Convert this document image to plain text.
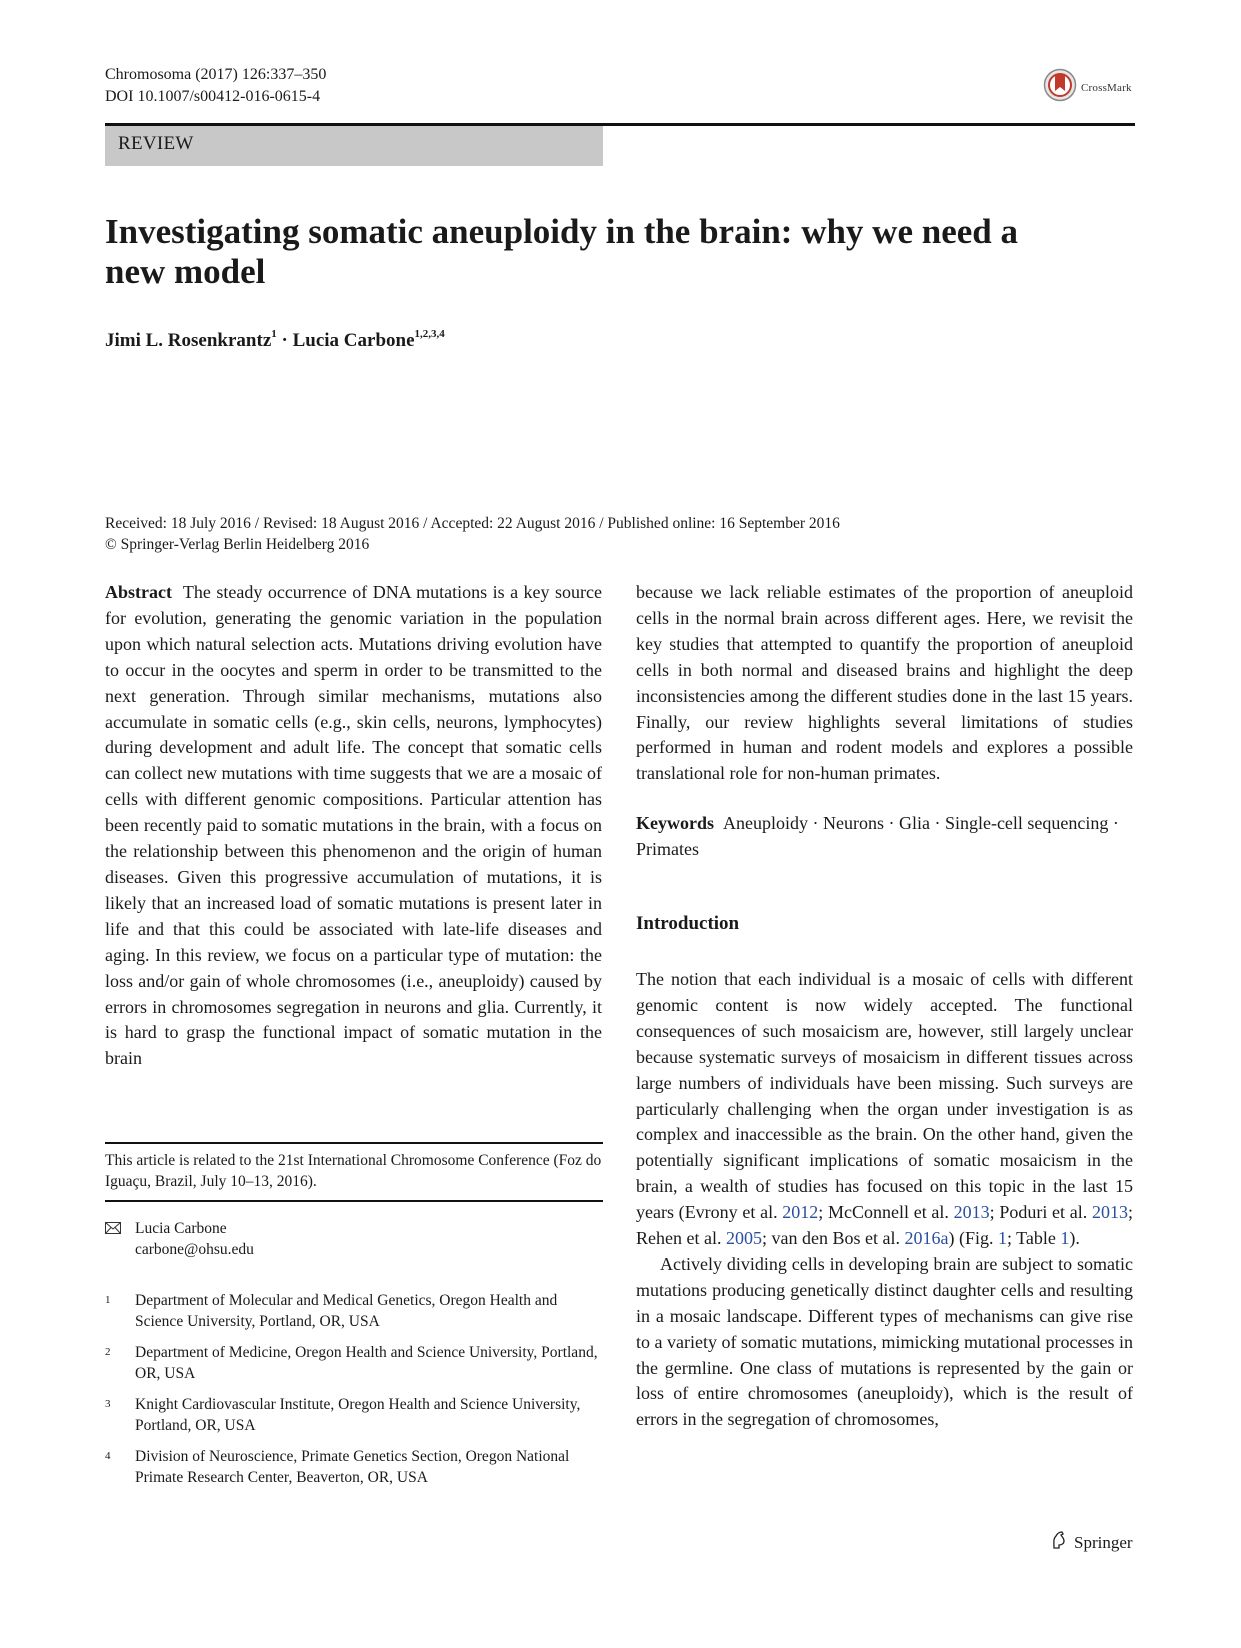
Chromosoma (2017) 126:337–350
DOI 10.1007/s00412-016-0615-4
CrossMark
REVIEW
Investigating somatic aneuploidy in the brain: why we need a new model
Jimi L. Rosenkrantz$^1$ · Lucia Carbone$^{1,2,3,4}$
Received: 18 July 2016 / Revised: 18 August 2016 / Accepted: 22 August 2016 / Published online: 16 September 2016
© Springer-Verlag Berlin Heidelberg 2016

Abstract The steady occurrence of DNA mutations is a key source for evolution, generating the genomic variation in the population upon which natural selection acts. Mutations driving evolution have to occur in the oocytes and sperm in order to be transmitted to the next generation. Through similar mechanisms, mutations also accumulate in somatic cells (e.g., skin cells, neurons, lymphocytes) during development and adult life. The concept that somatic cells can collect new mutations with time suggests that we are a mosaic of cells with different genomic compositions. Particular attention has been recently paid to somatic mutations in the brain, with a focus on the relationship between this phenomenon and the origin of human diseases. Given this progressive accumulation of mutations, it is likely that an increased load of somatic mutations is present later in life and that this could be associated with late-life diseases and aging. In this review, we focus on a particular type of mutation: the loss and/or gain of whole chromosomes (i.e., aneuploidy) caused by errors in chromosomes segregation in neurons and glia. Currently, it is hard to grasp the functional impact of somatic mutation in the brain

This article is related to the 21st International Chromosome Conference (Foz do Iguaçu, Brazil, July 10–13, 2016).
Lucia Carbone
carbone@ohsu.edu
1	Department of Molecular and Medical Genetics, Oregon Health and Science University, Portland, OR, USA
2	Department of Medicine, Oregon Health and Science University, Portland, OR, USA
3	Knight Cardiovascular Institute, Oregon Health and Science University, Portland, OR, USA
4	Division of Neuroscience, Primate Genetics Section, Oregon National Primate Research Center, Beaverton, OR, USA

because we lack reliable estimates of the proportion of aneuploid cells in the normal brain across different ages. Here, we revisit the key studies that attempted to quantify the proportion of aneuploid cells in both normal and diseased brains and highlight the deep inconsistencies among the different studies done in the last 15 years. Finally, our review highlights several limitations of studies performed in human and rodent models and explores a possible translational role for non-human primates.

Keywords Aneuploidy · Neurons · Glia · Single-cell sequencing · Primates

Introduction

The notion that each individual is a mosaic of cells with different genomic content is now widely accepted. The functional consequences of such mosaicism are, however, still largely unclear because systematic surveys of mosaicism in different tissues across large numbers of individuals have been missing. Such surveys are particularly challenging when the organ under investigation is as complex and inaccessible as the brain. On the other hand, given the potentially significant implications of somatic mosaicism in the brain, a wealth of studies has focused on this topic in the last 15 years (Evrony et al. 2012; McConnell et al. 2013; Poduri et al. 2013; Rehen et al. 2005; van den Bos et al. 2016a) (Fig. 1; Table 1).

Actively dividing cells in developing brain are subject to somatic mutations producing genetically distinct daughter cells and resulting in a mosaic landscape. Different types of mechanisms can give rise to a variety of somatic mutations, mimicking mutational processes in the germline. One class of mutations is represented by the gain or loss of entire chromosomes (aneuploidy), which is the result of errors in the segregation of chromosomes,

Springer
